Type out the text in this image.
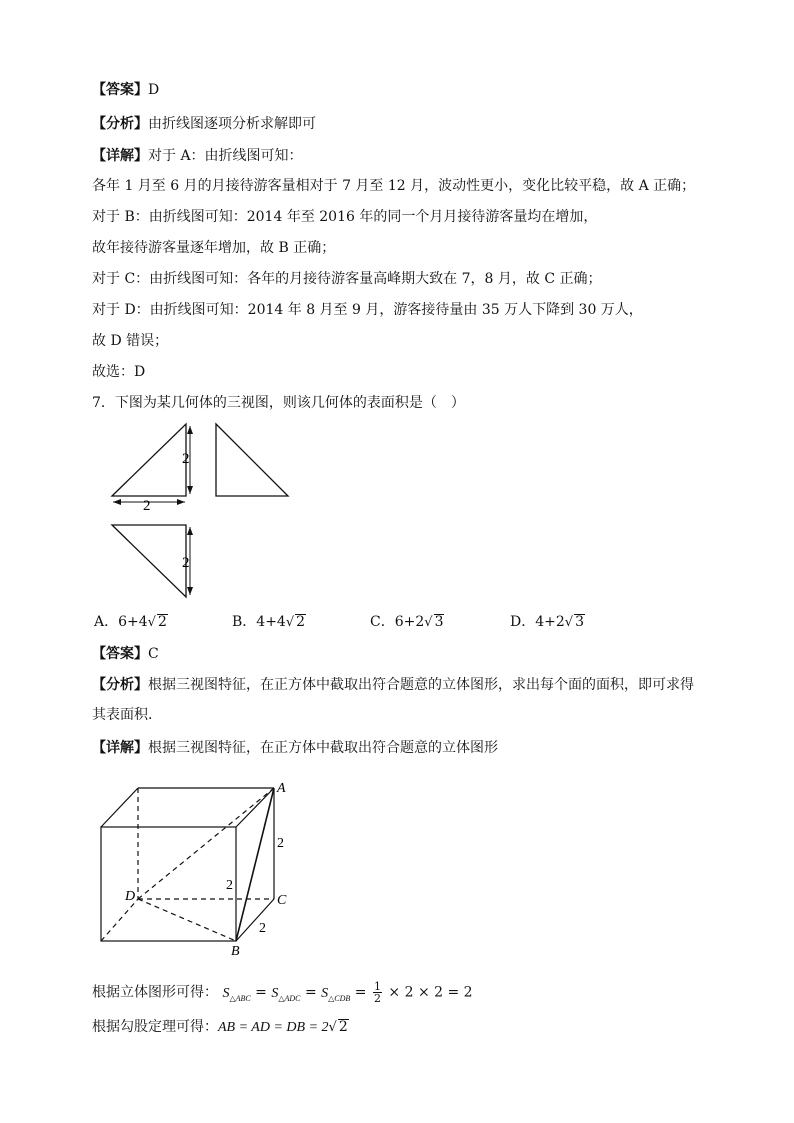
【答案】D
【分析】由折线图逐项分析求解即可
【详解】对于 A：由折线图可知：
各年 1 月至 6 月的月接待游客量相对于 7 月至 12 月，波动性更小，变化比较平稳，故 A 正确；
对于 B：由折线图可知：2014 年至 2016 年的同一个月月接待游客量均在增加，
故年接待游客量逐年增加，故 B 正确；
对于 C：由折线图可知：各年的月接待游客量高峰期大致在 7，8 月，故 C 正确；
对于 D：由折线图可知：2014 年 8 月至 9 月，游客接待量由 35 万人下降到 30 万人，
故 D 错误；
故选：D
7．下图为某几何体的三视图，则该几何体的表面积是（　）
2
2
2
A
B
C
D
2
2
2
A．6+4√ 2	B．4+4√ 2	C．6+2√ 3	D．4+2√ 3
【答案】C
【分析】根据三视图特征，在正方体中截取出符合题意的立体图形，求出每个面的面积，即可求得
其表面积.
【详解】根据三视图特征，在正方体中截取出符合题意的立体图形
根据立体图形可得： $S_{\triangle ABC} = S_{\triangle ADC} = S_{\triangle CDB} = \frac{1}{2} \times 2 \times 2 = 2$
根据勾股定理可得：AB = AD = DB = 2√ 2
